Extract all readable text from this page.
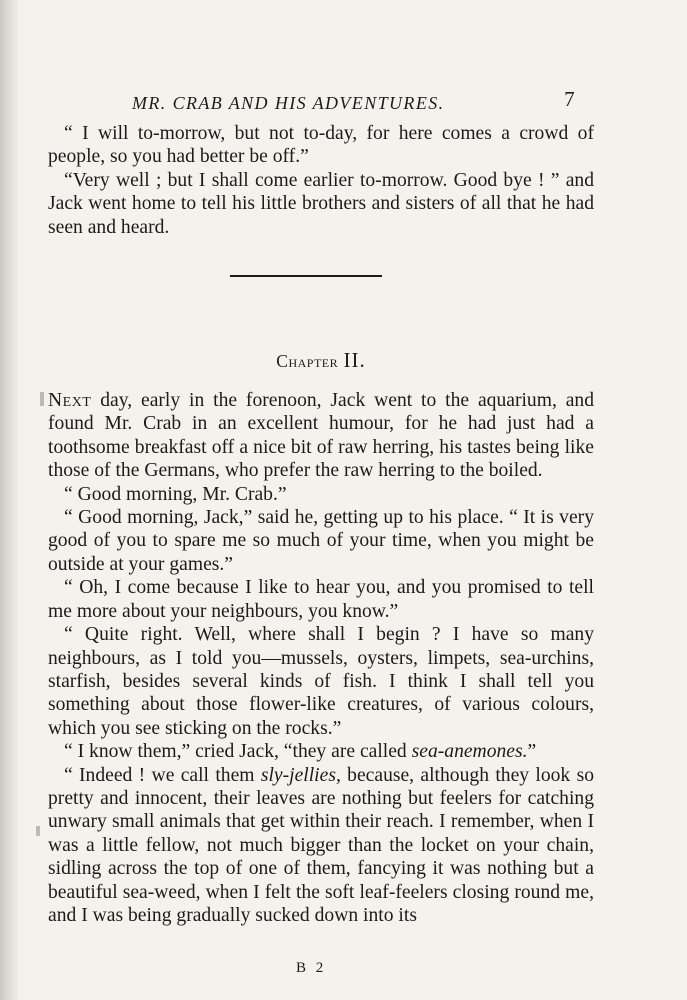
MR. CRAB AND HIS ADVENTURES.	7

“ I will to-morrow, but not to-day, for here comes a crowd of people, so you had better be off.”

“Very well ; but I shall come earlier to-morrow. Good bye ! ” and Jack went home to tell his little brothers and sisters of all that he had seen and heard.

Chapter II.

Next day, early in the forenoon, Jack went to the aquarium, and found Mr. Crab in an excellent humour, for he had just had a toothsome breakfast off a nice bit of raw herring, his tastes being like those of the Germans, who prefer the raw herring to the boiled.

“ Good morning, Mr. Crab.”

“ Good morning, Jack,” said he, getting up to his place. “ It is very good of you to spare me so much of your time, when you might be outside at your games.”

“ Oh, I come because I like to hear you, and you promised to tell me more about your neighbours, you know.”

“ Quite right. Well, where shall I begin ? I have so many neighbours, as I told you—mussels, oysters, limpets, sea-urchins, starfish, besides several kinds of fish. I think I shall tell you something about those flower-like creatures, of various colours, which you see sticking on the rocks.”

“ I know them,” cried Jack, “they are called sea-anemones.”

“ Indeed ! we call them sly-jellies, because, although they look so pretty and innocent, their leaves are nothing but feelers for catching unwary small animals that get within their reach. I remember, when I was a little fellow, not much bigger than the locket on your chain, sidling across the top of one of them, fancying it was nothing but a beautiful sea-weed, when I felt the soft leaf-feelers closing round me, and I was being gradually sucked down into its

B 2
